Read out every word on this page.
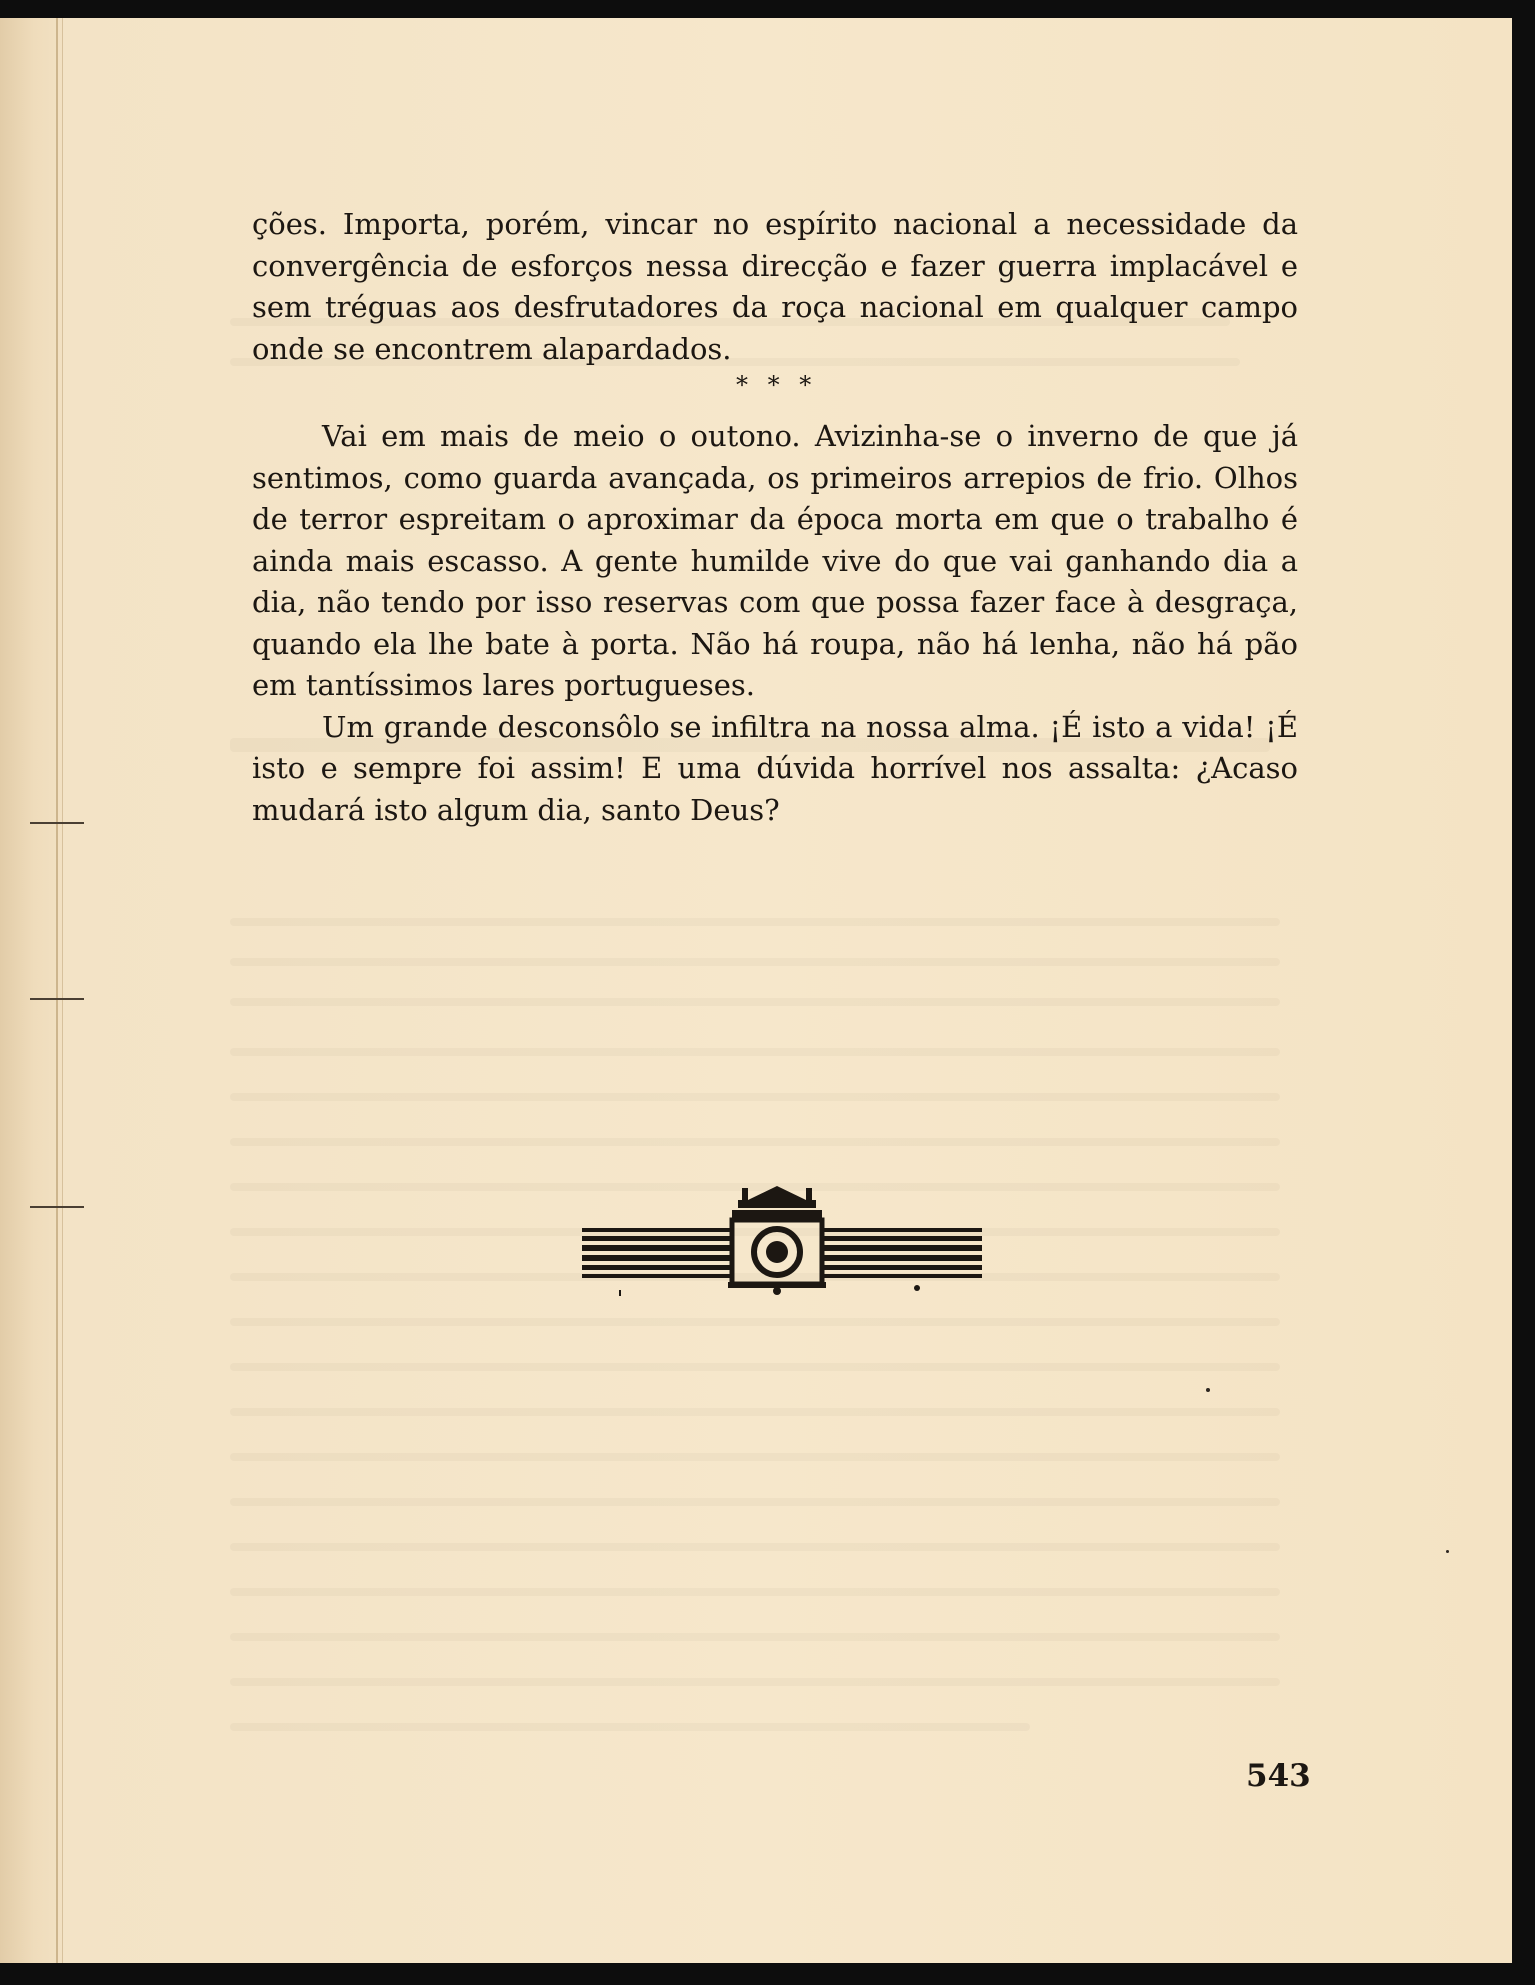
ções. Importa, porém, vincar no espírito nacional a necessidade da convergência de esforços nessa direcção e fazer guerra implacável e sem tréguas aos desfrutadores da roça nacional em qualquer campo onde se encontrem alapardados.

* * *

Vai em mais de meio o outono. Avizinha-se o inverno de que já sentimos, como guarda avançada, os primeiros arrepios de frio. Olhos de terror espreitam o aproximar da época morta em que o trabalho é ainda mais escasso. A gente humilde vive do que vai ganhando dia a dia, não tendo por isso reservas com que possa fazer face à desgraça, quando ela lhe bate à porta. Não há roupa, não há lenha, não há pão em tantíssimos lares portugueses.

Um grande desconsôlo se infiltra na nossa alma. ¡É isto a vida! ¡É isto e sempre foi assim! E uma dúvida horrível nos assalta: ¿Acaso mudará isto algum dia, santo Deus?

543
